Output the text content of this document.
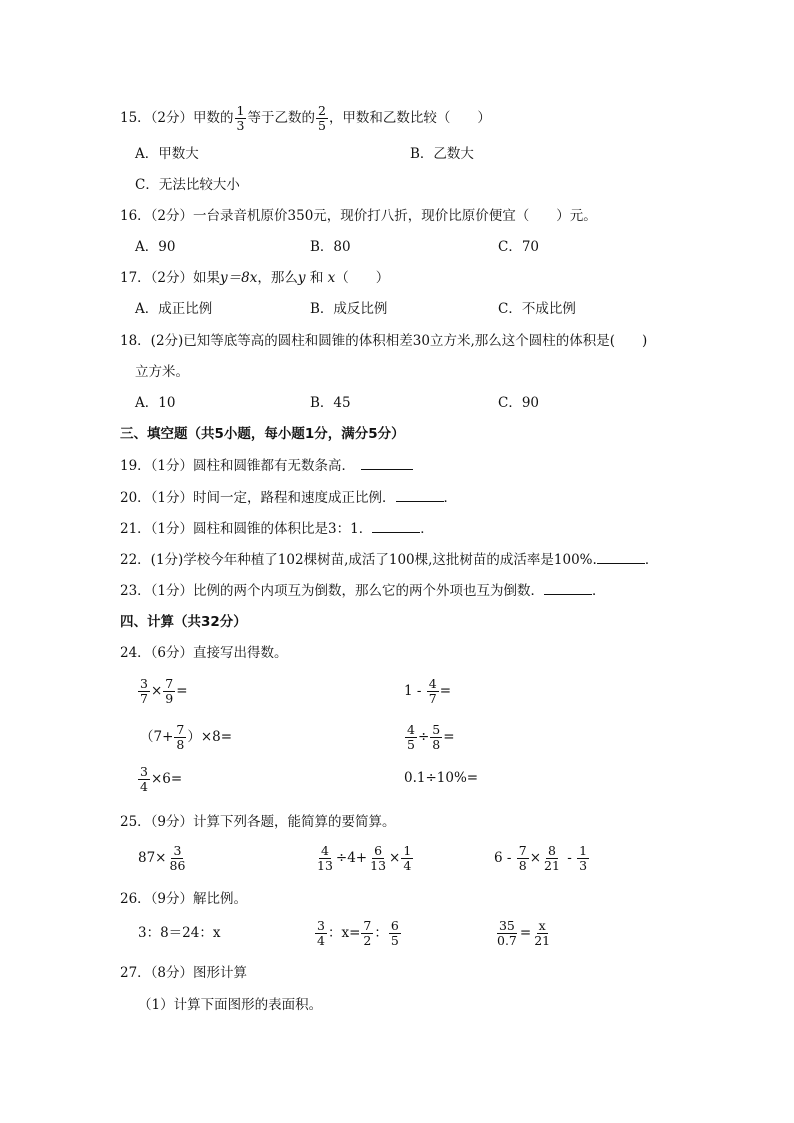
15．（2分）甲数的 $\frac{1}{3}$ 等于乙数的 $\frac{2}{5}$ ，甲数和乙数比较（　　）
A．甲数大	B．乙数大
C．无法比较大小
16．（2分）一台录音机原价350元，现价打八折，现价比原价便宜（　　）元。
A．90	B．80	C．70
17．（2分）如果y＝8x，那么y 和 x（　　）
A．成正比例	B．成反比例	C．不成比例
18．(2分)已知等底等高的圆柱和圆锥的体积相差30立方米,那么这个圆柱的体积是(　　)
立方米。
A．10	B．45	C．90
三、填空题（共5小题，每小题1分，满分5分）
19．（1分）圆柱和圆锥都有无数条高．
20．（1分）时间一定，路程和速度成正比例．	．
21．（1分）圆柱和圆锥的体积比是3：1．	．
22．(1分)学校今年种植了102棵树苗,成活了100棵,这批树苗的成活率是100%.	．
23．（1分）比例的两个内项互为倒数，那么它的两个外项也互为倒数．	．
四、计算（共32分）
24．（6分）直接写出得数。
$\frac{3}{7} \times \frac{7}{9}$ =	$1 - \frac{4}{7}$ =
$(7+ \frac{7}{8} )\times 8=$	$\frac{4}{5} \div \frac{5}{8}$ =
$\frac{3}{4} \times 6=$	0.1÷10%=
25．（9分）计算下列各题，能简算的要简算。
$87\times \frac{3}{86}$	$\frac{4}{13} \div 4+ \frac{6}{13} \times \frac{1}{4}$	$6 - \frac{7}{8} \times \frac{8}{21} - \frac{1}{3}$
26．（9分）解比例。
3：8＝24：x	$\frac{3}{4}$ ：$x= \frac{7}{2}$ ： $\frac{6}{5}$	$\frac{35}{0.7} = \frac{x}{21}$
27．（8分）图形计算
（1）计算下面图形的表面积。
